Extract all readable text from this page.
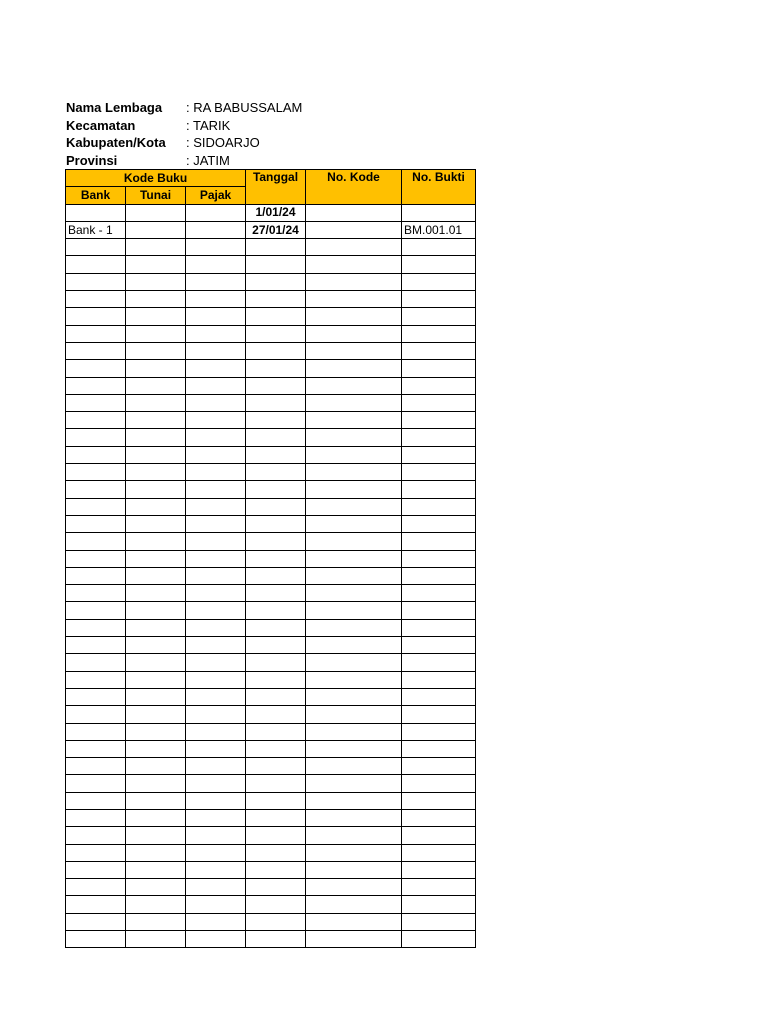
Nama Lembaga : RA BABUSSALAM
Kecamatan	: TARIK
Kabupaten/Kota : SIDOARJO
Provinsi	: JATIM
Kode Buku			Tanggal	No. Kode	No. Bukti
Bank	Tunai	Pajak			
			1/01/24		
Bank - 1			27/01/24		BM.001.01
